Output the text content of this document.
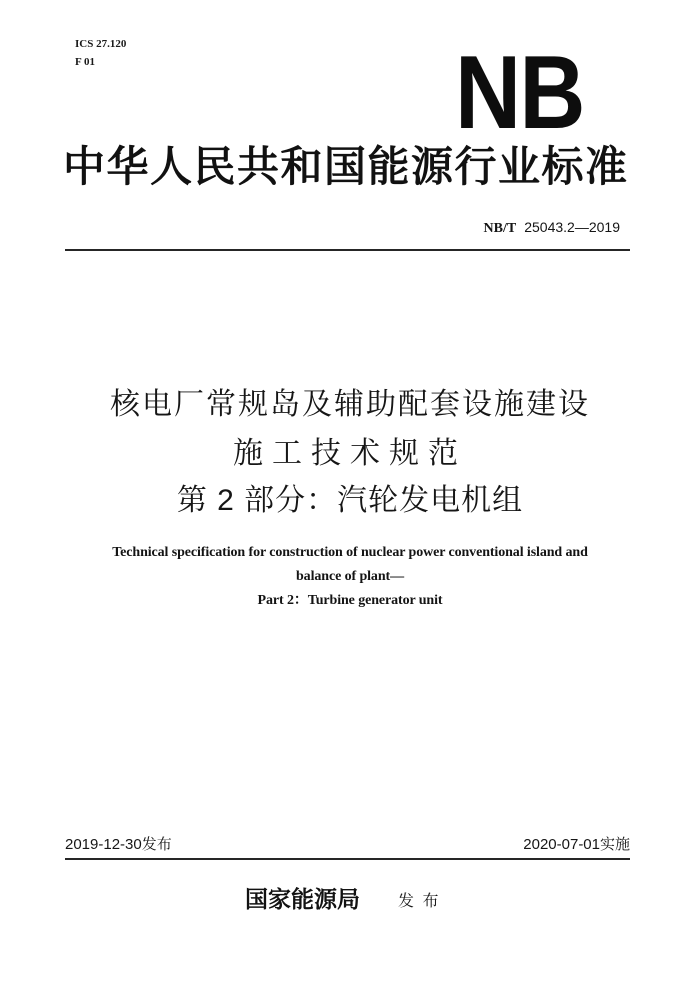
ICS 27.120
F 01	NB
中华人民共和国能源行业标准
NB/T 25043.2—2019
核电厂常规岛及辅助配套设施建设
施工技术规范
第 2 部分：汽轮发电机组
Technical specification for construction of nuclear power conventional island and
balance of plant—
Part 2：Turbine generator unit
2019-12-30发布	2020-07-01实施
国家能源局 发 布
